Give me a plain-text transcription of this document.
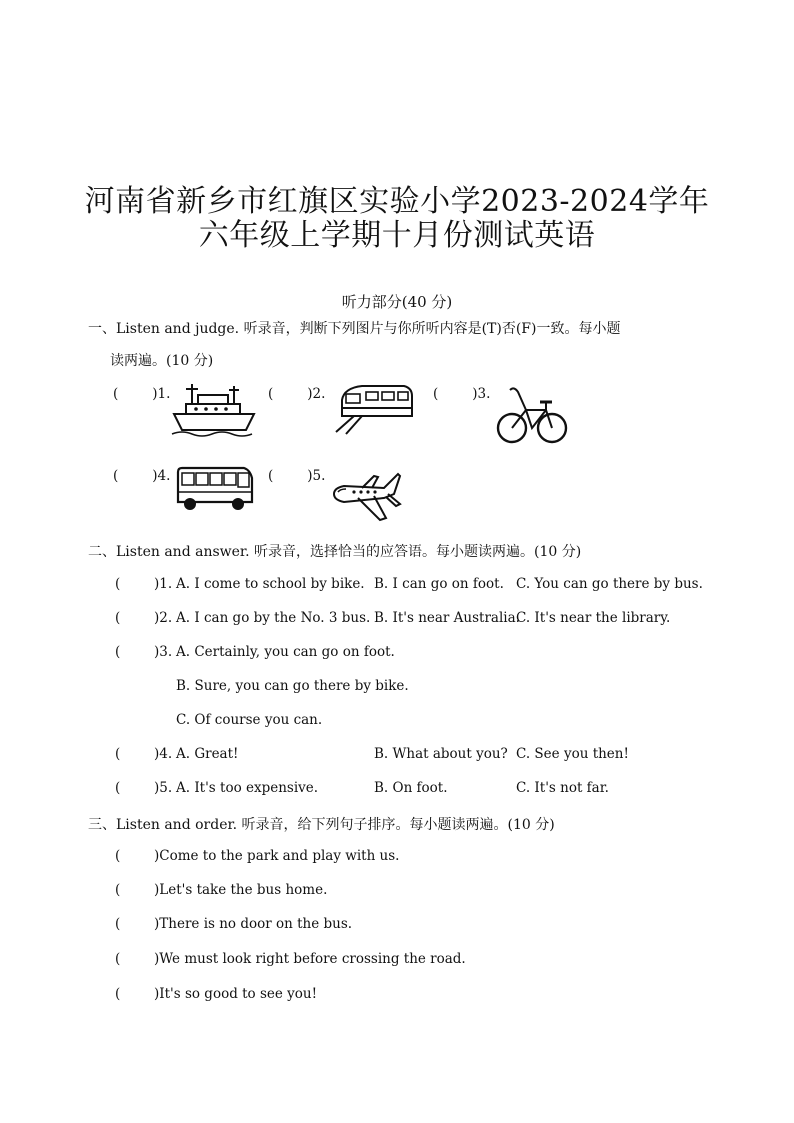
河南省新乡市红旗区实验小学2023-2024学年
六年级上学期十月份测试英语
听力部分(40 分)
一、Listen and judge. 听录音，判断下列图片与你所听内容是(T)否(F)一致。每小题
读两遍。(10 分)
(	)1.	(	)2.	(	)3.
(	)4.	(	)5.
二、Listen and answer. 听录音，选择恰当的应答语。每小题读两遍。(10 分)
( )1. A. I come to school by bike. B. I can go on foot. C. You can go there by bus.
( )2. A. I can go by the No. 3 bus. B. It's near Australia.
C. It's near the library.
( )3. A. Certainly, you can go on foot.
B. Sure, you can go there by bike.
C. Of course you can.
( )4. A. Great!	B. What about you? C. See you then!
( )5. A. It's too expensive.	B. On foot.	C. It's not far.
三、Listen and order. 听录音，给下列句子排序。每小题读两遍。(10 分)
( )Come to the park and play with us.
( )Let's take the bus home.
( )There is no door on the bus.
( )We must look right before crossing the road.
( )It's so good to see you!
